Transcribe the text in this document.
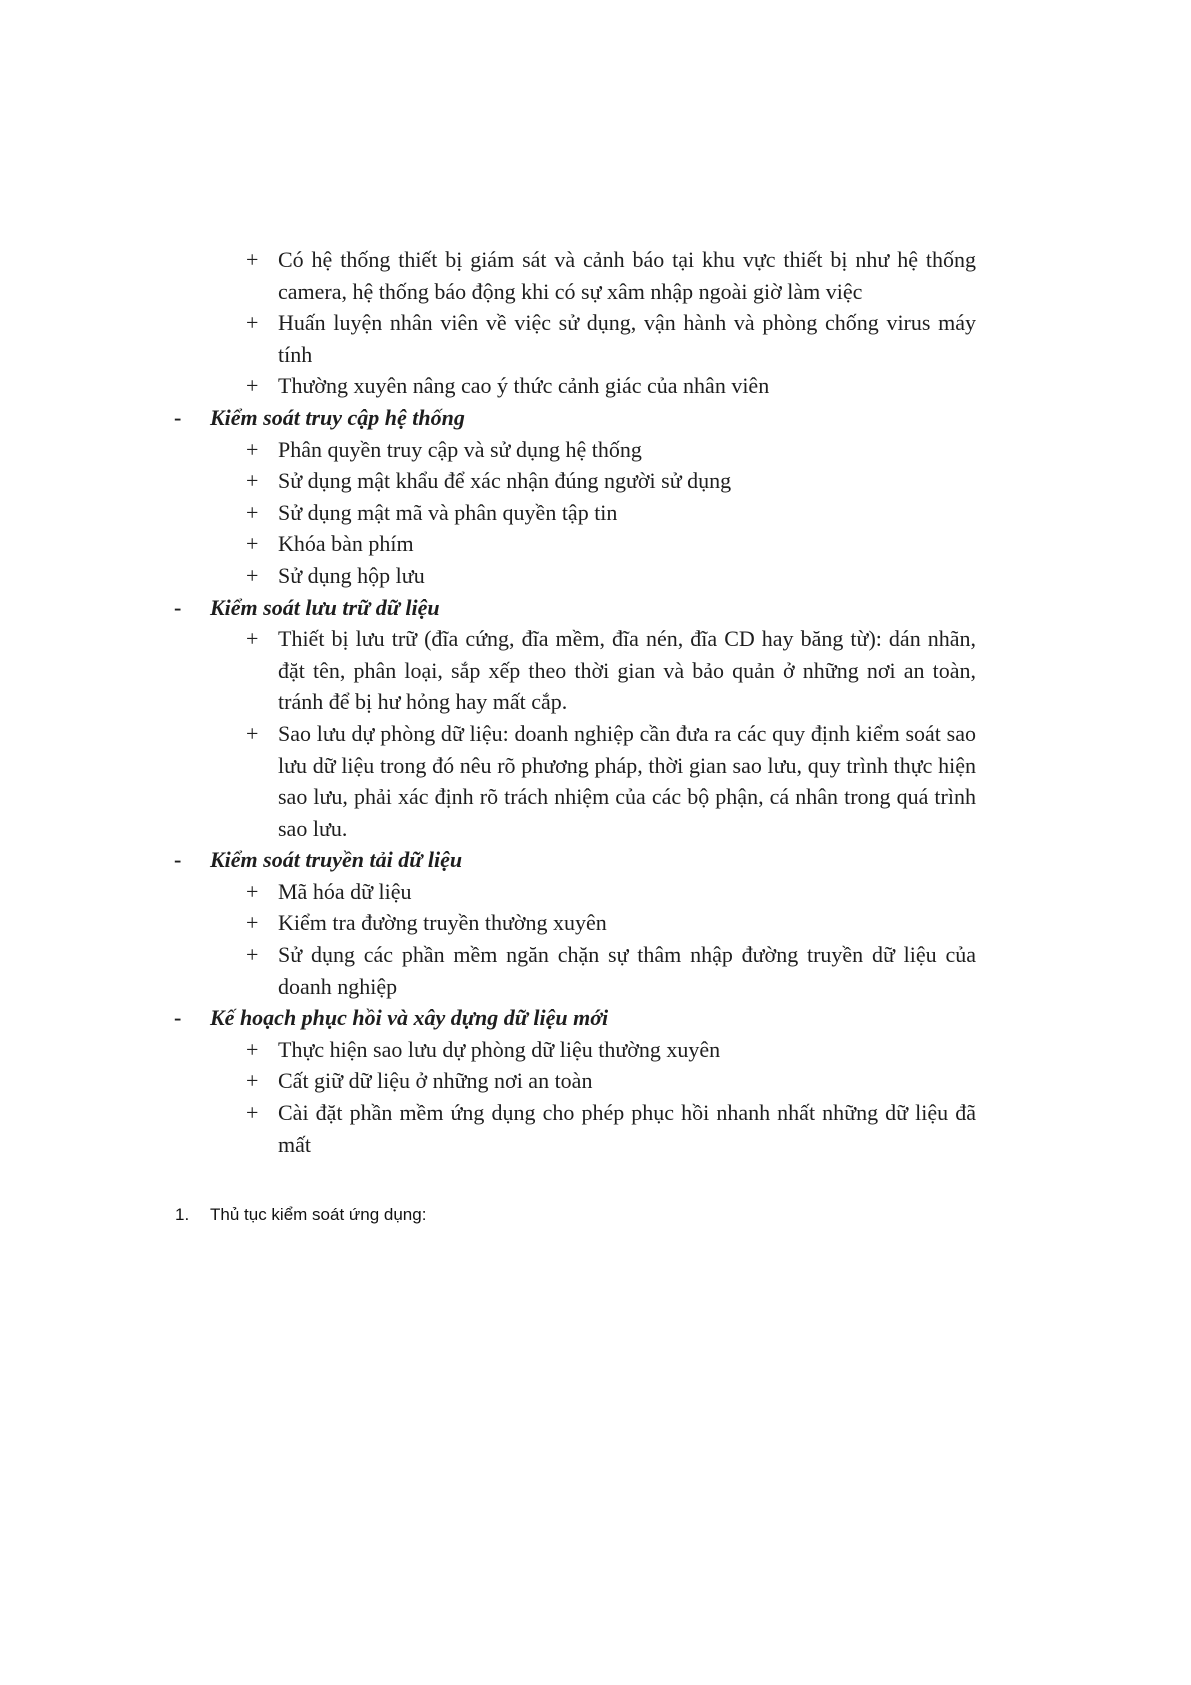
+ Có hệ thống thiết bị giám sát và cảnh báo tại khu vực thiết bị như hệ thống camera, hệ thống báo động khi có sự xâm nhập ngoài giờ làm việc
+ Huấn luyện nhân viên về việc sử dụng, vận hành và phòng chống virus máy tính
+ Thường xuyên nâng cao ý thức cảnh giác của nhân viên
- Kiểm soát truy cập hệ thống
+ Phân quyền truy cập và sử dụng hệ thống
+ Sử dụng mật khẩu để xác nhận đúng người sử dụng
+ Sử dụng mật mã và phân quyền tập tin
+ Khóa bàn phím
+ Sử dụng hộp lưu
- Kiểm soát lưu trữ dữ liệu
+ Thiết bị lưu trữ (đĩa cứng, đĩa mềm, đĩa nén, đĩa CD hay băng từ): dán nhãn, đặt tên, phân loại, sắp xếp theo thời gian và bảo quản ở những nơi an toàn, tránh để bị hư hỏng hay mất cắp.
+ Sao lưu dự phòng dữ liệu: doanh nghiệp cần đưa ra các quy định kiểm soát sao lưu dữ liệu trong đó nêu rõ phương pháp, thời gian sao lưu, quy trình thực hiện sao lưu, phải xác định rõ trách nhiệm của các bộ phận, cá nhân trong quá trình sao lưu.
- Kiểm soát truyền tải dữ liệu
+ Mã hóa dữ liệu
+ Kiểm tra đường truyền thường xuyên
+ Sử dụng các phần mềm ngăn chặn sự thâm nhập đường truyền dữ liệu của doanh nghiệp
- Kế hoạch phục hồi và xây dựng dữ liệu mới
+ Thực hiện sao lưu dự phòng dữ liệu thường xuyên
+ Cất giữ dữ liệu ở những nơi an toàn
+ Cài đặt phần mềm ứng dụng cho phép phục hồi nhanh nhất những dữ liệu đã mất
1. Thủ tục kiểm soát ứng dụng:
